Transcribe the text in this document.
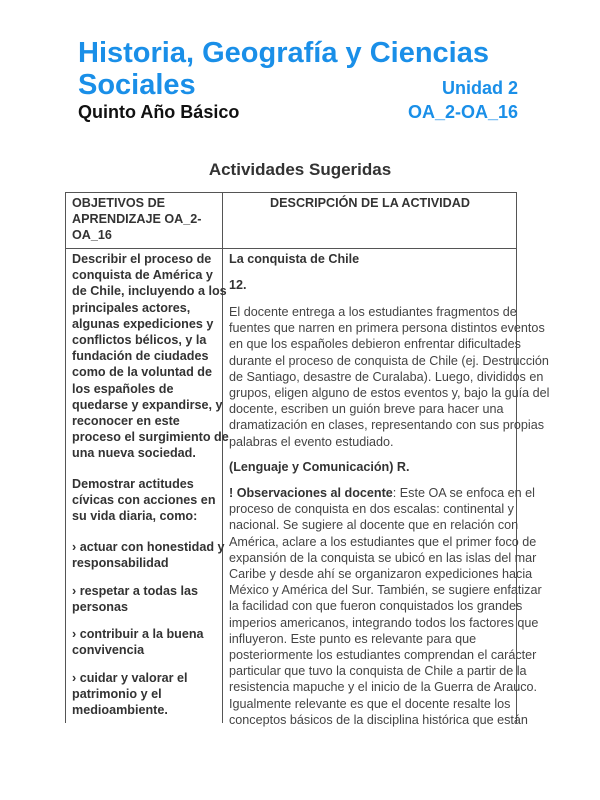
Historia, Geografía y Ciencias
Sociales	Unidad 2
Quinto Año Básico	OA_2-OA_16
Actividades Sugeridas
OBJETIVOS DE
APRENDIZAJE OA_2-
OA_16
DESCRIPCIÓN DE LA ACTIVIDAD
Describir el proceso de
conquista de América y
de Chile, incluyendo a los
principales actores,
algunas expediciones y
conflictos bélicos, y la
fundación de ciudades
como de la voluntad de
los españoles de
quedarse y expandirse, y
reconocer en este
proceso el surgimiento de
una nueva sociedad.
Demostrar actitudes
cívicas con acciones en
su vida diaria, como:
› actuar con honestidad y
responsabilidad
› respetar a todas las
personas
› contribuir a la buena
convivencia
› cuidar y valorar el
patrimonio y el
medioambiente.
La conquista de Chile
12.
El docente entrega a los estudiantes fragmentos de
fuentes que narren en primera persona distintos eventos
en que los españoles debieron enfrentar dificultades
durante el proceso de conquista de Chile (ej. Destrucción
de Santiago, desastre de Curalaba). Luego, divididos en
grupos, eligen alguno de estos eventos y, bajo la guía del
docente, escriben un guión breve para hacer una
dramatización en clases, representando con sus propias
palabras el evento estudiado.
(Lenguaje y Comunicación) R.
! Observaciones al docente: Este OA se enfoca en el
proceso de conquista en dos escalas: continental y
nacional. Se sugiere al docente que en relación con
América, aclare a los estudiantes que el primer foco de
expansión de la conquista se ubicó en las islas del mar
Caribe y desde ahí se organizaron expediciones hacia
México y América del Sur. También, se sugiere enfatizar
la facilidad con que fueron conquistados los grandes
imperios americanos, integrando todos los factores que
influyeron. Este punto es relevante para que
posteriormente los estudiantes comprendan el carácter
particular que tuvo la conquista de Chile a partir de la
resistencia mapuche y el inicio de la Guerra de Arauco.
Igualmente relevante es que el docente resalte los
conceptos básicos de la disciplina histórica que están
